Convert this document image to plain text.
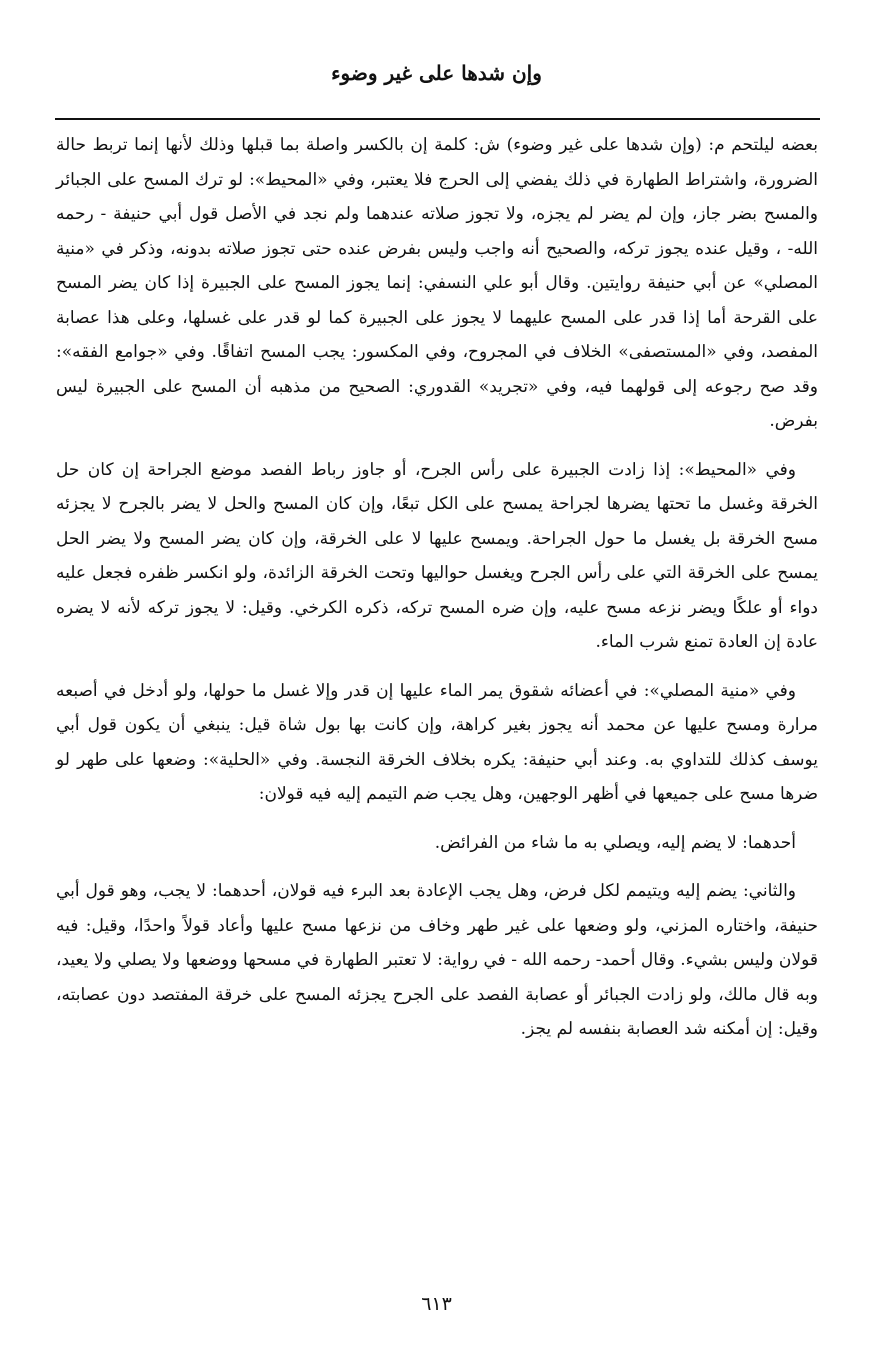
وإن شدها على غير وضوء

بعضه ليلتحم م: (وإن شدها على غير وضوء) ش: كلمة إن بالكسر واصلة بما قبلها وذلك لأنها إنما تربط حالة الضرورة، واشتراط الطهارة في ذلك يفضي إلى الحرج فلا يعتبر، وفي «المحيط»: لو ترك المسح على الجبائر والمسح بضر جاز، وإن لم يضر لم يجزه، ولا تجوز صلاته عندهما ولم نجد في الأصل قول أبي حنيفة - رحمه الله- ، وقيل عنده يجوز تركه، والصحيح أنه واجب وليس بفرض عنده حتى تجوز صلاته بدونه، وذكر في «منية المصلي» عن أبي حنيفة روايتين. وقال أبو علي النسفي: إنما يجوز المسح على الجبيرة إذا كان يضر المسح على القرحة أما إذا قدر على المسح عليهما لا يجوز على الجبيرة كما لو قدر على غسلها، وعلى هذا عصابة المفصد، وفي «المستصفى» الخلاف في المجروح، وفي المكسور: يجب المسح اتفاقًا. وفي «جوامع الفقه»: وقد صح رجوعه إلى قولهما فيه، وفي «تجريد» القدوري: الصحيح من مذهبه أن المسح على الجبيرة ليس بفرض.

وفي «المحيط»: إذا زادت الجبيرة على رأس الجرح، أو جاوز رباط الفصد موضع الجراحة إن كان حل الخرقة وغسل ما تحتها يضرها لجراحة يمسح على الكل تبعًا، وإن كان المسح والحل لا يضر بالجرح لا يجزئه مسح الخرقة بل يغسل ما حول الجراحة. ويمسح عليها لا على الخرقة، وإن كان يضر المسح ولا يضر الحل يمسح على الخرقة التي على رأس الجرح ويغسل حواليها وتحت الخرقة الزائدة، ولو انكسر ظفره فجعل عليه دواء أو علكًا ويضر نزعه مسح عليه، وإن ضره المسح تركه، ذكره الكرخي. وقيل: لا يجوز تركه لأنه لا يضره عادة إن العادة تمنع شرب الماء.

وفي «منية المصلي»: في أعضائه شقوق يمر الماء عليها إن قدر وإلا غسل ما حولها، ولو أدخل في أصبعه مرارة ومسح عليها عن محمد أنه يجوز بغير كراهة، وإن كانت بها بول شاة قيل: ينبغي أن يكون قول أبي يوسف كذلك للتداوي به. وعند أبي حنيفة: يكره بخلاف الخرقة النجسة. وفي «الحلية»: وضعها على طهر لو ضرها مسح على جميعها في أظهر الوجهين، وهل يجب ضم التيمم إليه فيه قولان:

أحدهما: لا يضم إليه، ويصلي به ما شاء من الفرائض.

والثاني: يضم إليه ويتيمم لكل فرض، وهل يجب الإعادة بعد البرء فيه قولان، أحدهما: لا يجب، وهو قول أبي حنيفة، واختاره المزني، ولو وضعها على غير طهر وخاف من نزعها مسح عليها وأعاد قولاً واحدًا، وقيل: فيه قولان وليس بشيء. وقال أحمد- رحمه الله - في رواية: لا تعتبر الطهارة في مسحها ووضعها ولا يصلي ولا يعيد، وبه قال مالك، ولو زادت الجبائر أو عصابة الفصد على الجرح يجزئه المسح على خرقة المفتصد دون عصابته، وقيل: إن أمكنه شد العصابة بنفسه لم يجز.

٦١٣
